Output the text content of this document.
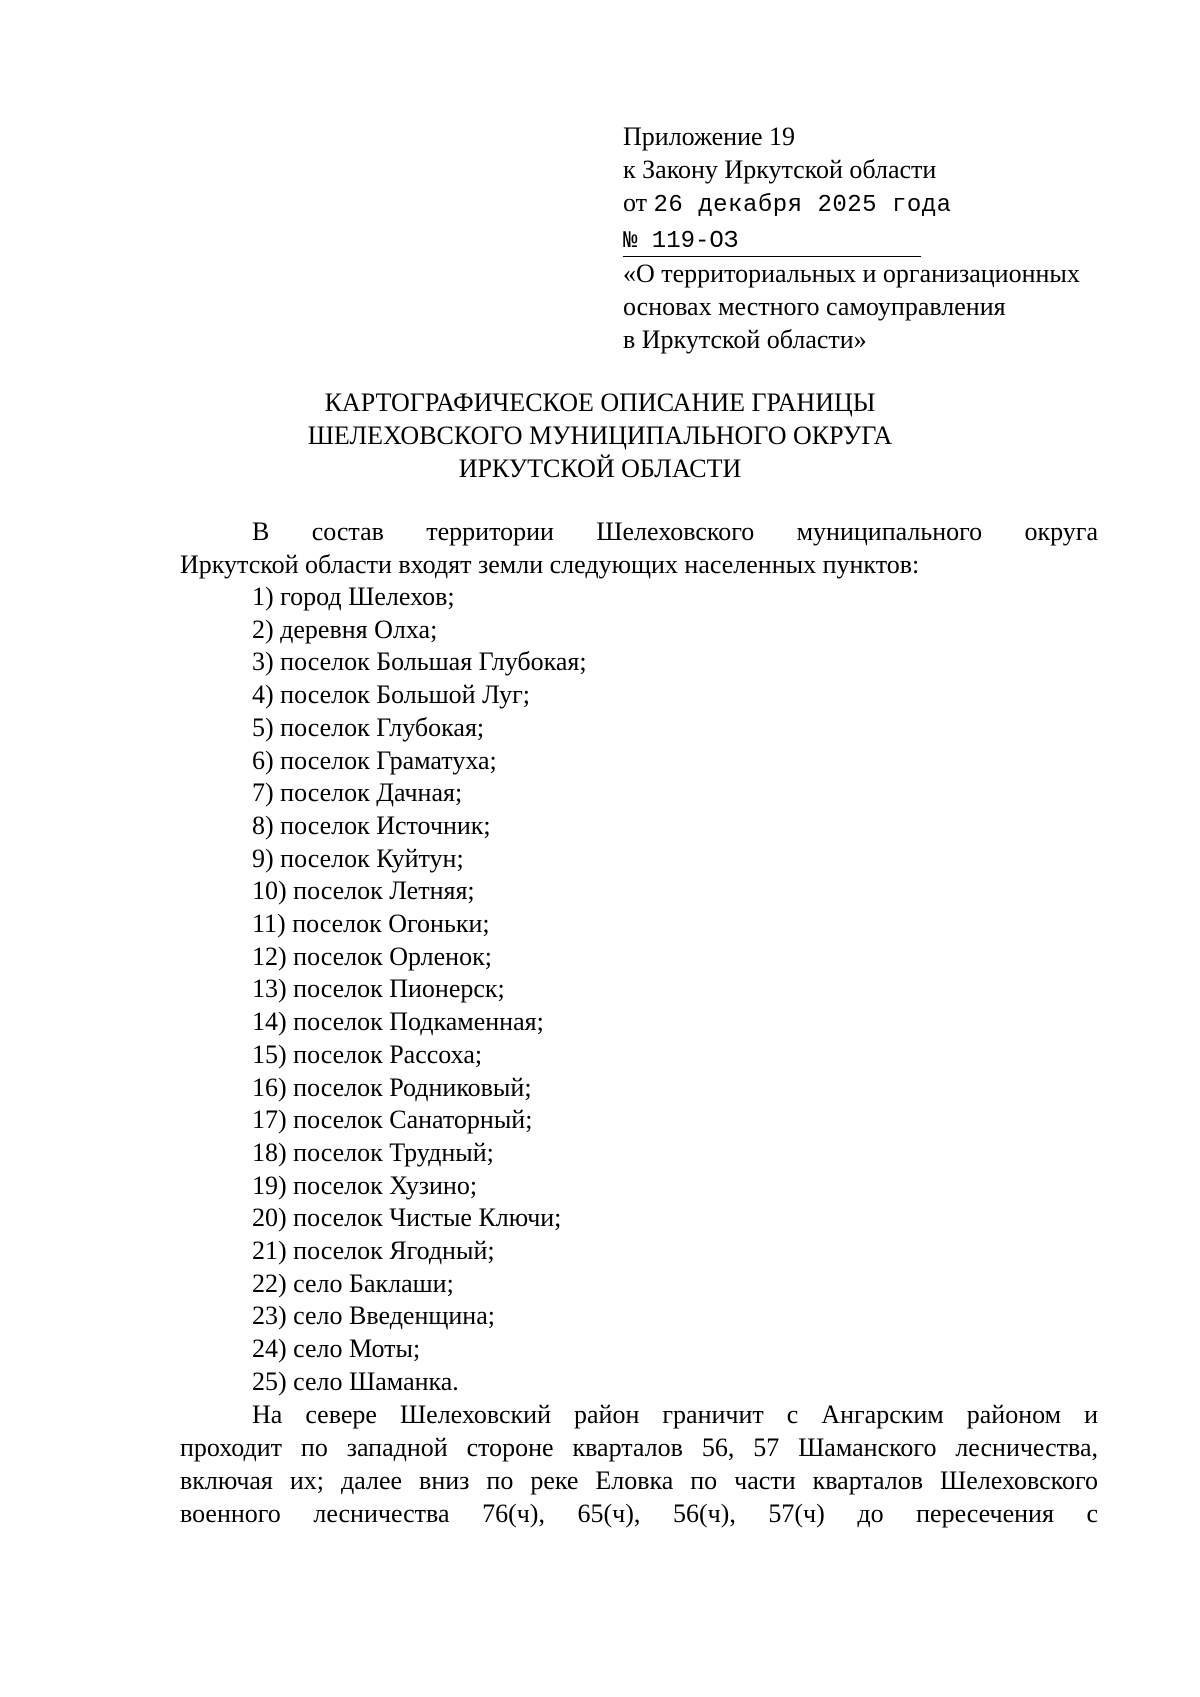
Приложение 19
к Закону Иркутской области
от 26 декабря 2025 года
№ 119-ОЗ
«О территориальных и организационных
основах местного самоуправления
в Иркутской области»
КАРТОГРАФИЧЕСКОЕ ОПИСАНИЕ ГРАНИЦЫ
ШЕЛЕХОВСКОГО МУНИЦИПАЛЬНОГО ОКРУГА
ИРКУТСКОЙ ОБЛАСТИ
В состав территории Шелеховского муниципального округа
Иркутской области входят земли следующих населенных пунктов:
1) город Шелехов;
2) деревня Олха;
3) поселок Большая Глубокая;
4) поселок Большой Луг;
5) поселок Глубокая;
6) поселок Граматуха;
7) поселок Дачная;
8) поселок Источник;
9) поселок Куйтун;
10) поселок Летняя;
11) поселок Огоньки;
12) поселок Орленок;
13) поселок Пионерск;
14) поселок Подкаменная;
15) поселок Рассоха;
16) поселок Родниковый;
17) поселок Санаторный;
18) поселок Трудный;
19) поселок Хузино;
20) поселок Чистые Ключи;
21) поселок Ягодный;
22) село Баклаши;
23) село Введенщина;
24) село Моты;
25) село Шаманка.
На севере Шелеховский район граничит с Ангарским районом и
проходит по западной стороне кварталов 56, 57 Шаманского лесничества,
включая их; далее вниз по реке Еловка по части кварталов Шелеховского
военного лесничества 76(ч), 65(ч), 56(ч), 57(ч) до пересечения с
